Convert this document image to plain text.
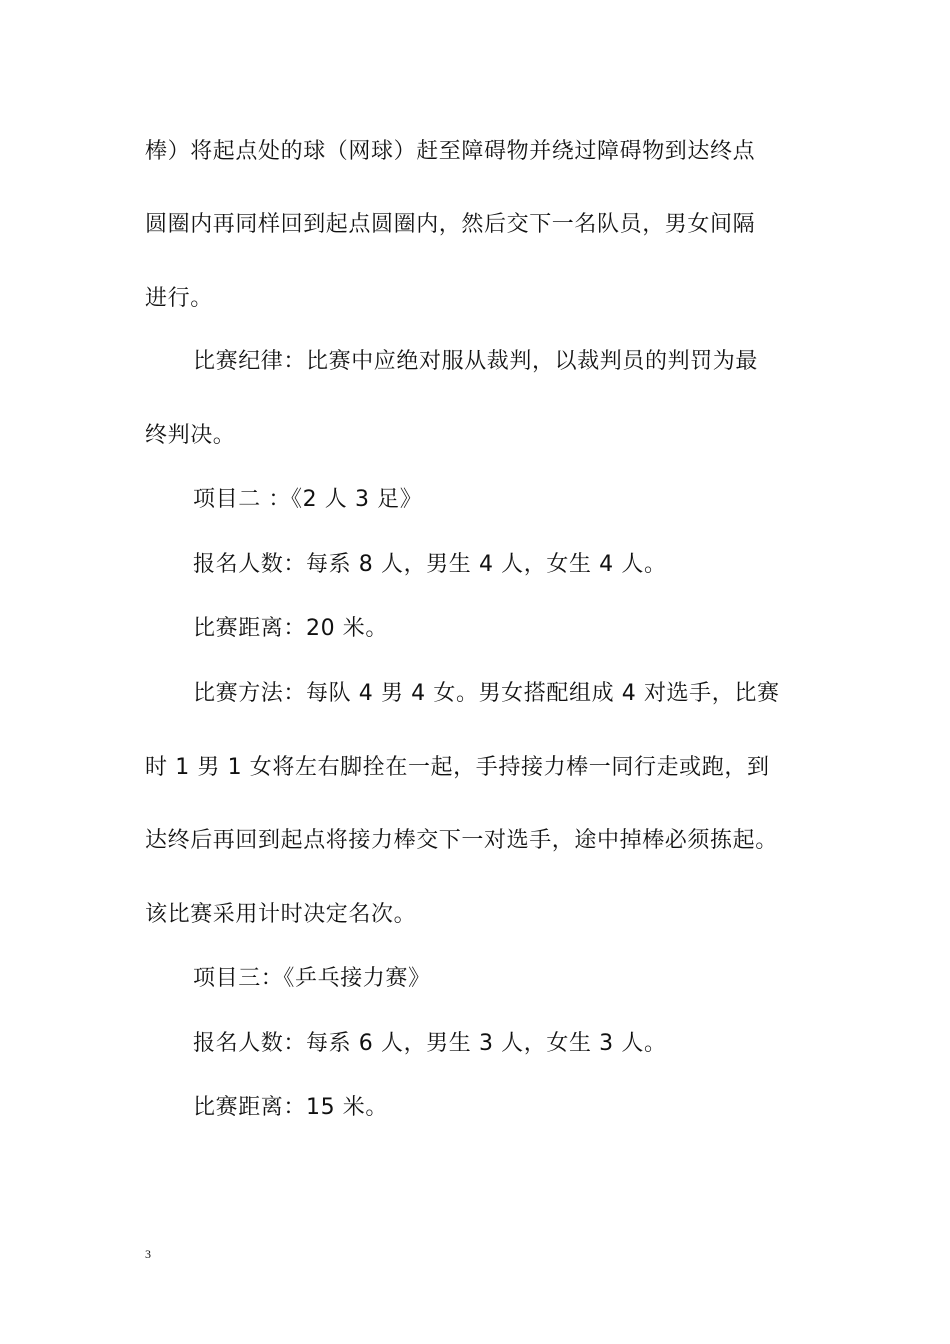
棒）将起点处的球（网球）赶至障碍物并绕过障碍物到达终点
圆圈内再同样回到起点圆圈内，然后交下一名队员，男女间隔
进行。
比赛纪律：比赛中应绝对服从裁判，以裁判员的判罚为最
终判决。
项目二 ：《2 人 3 足》
报名人数：每系 8 人，男生 4 人，女生 4 人。
比赛距离：20 米。
比赛方法：每队 4 男 4 女。男女搭配组成 4 对选手，比赛
时 1 男 1 女将左右脚拴在一起，手持接力棒一同行走或跑，到
达终后再回到起点将接力棒交下一对选手，途中掉棒必须拣起。
该比赛采用计时决定名次。
项目三：《乒乓接力赛》
报名人数：每系 6 人，男生 3 人，女生 3 人。
比赛距离：15 米。
3
